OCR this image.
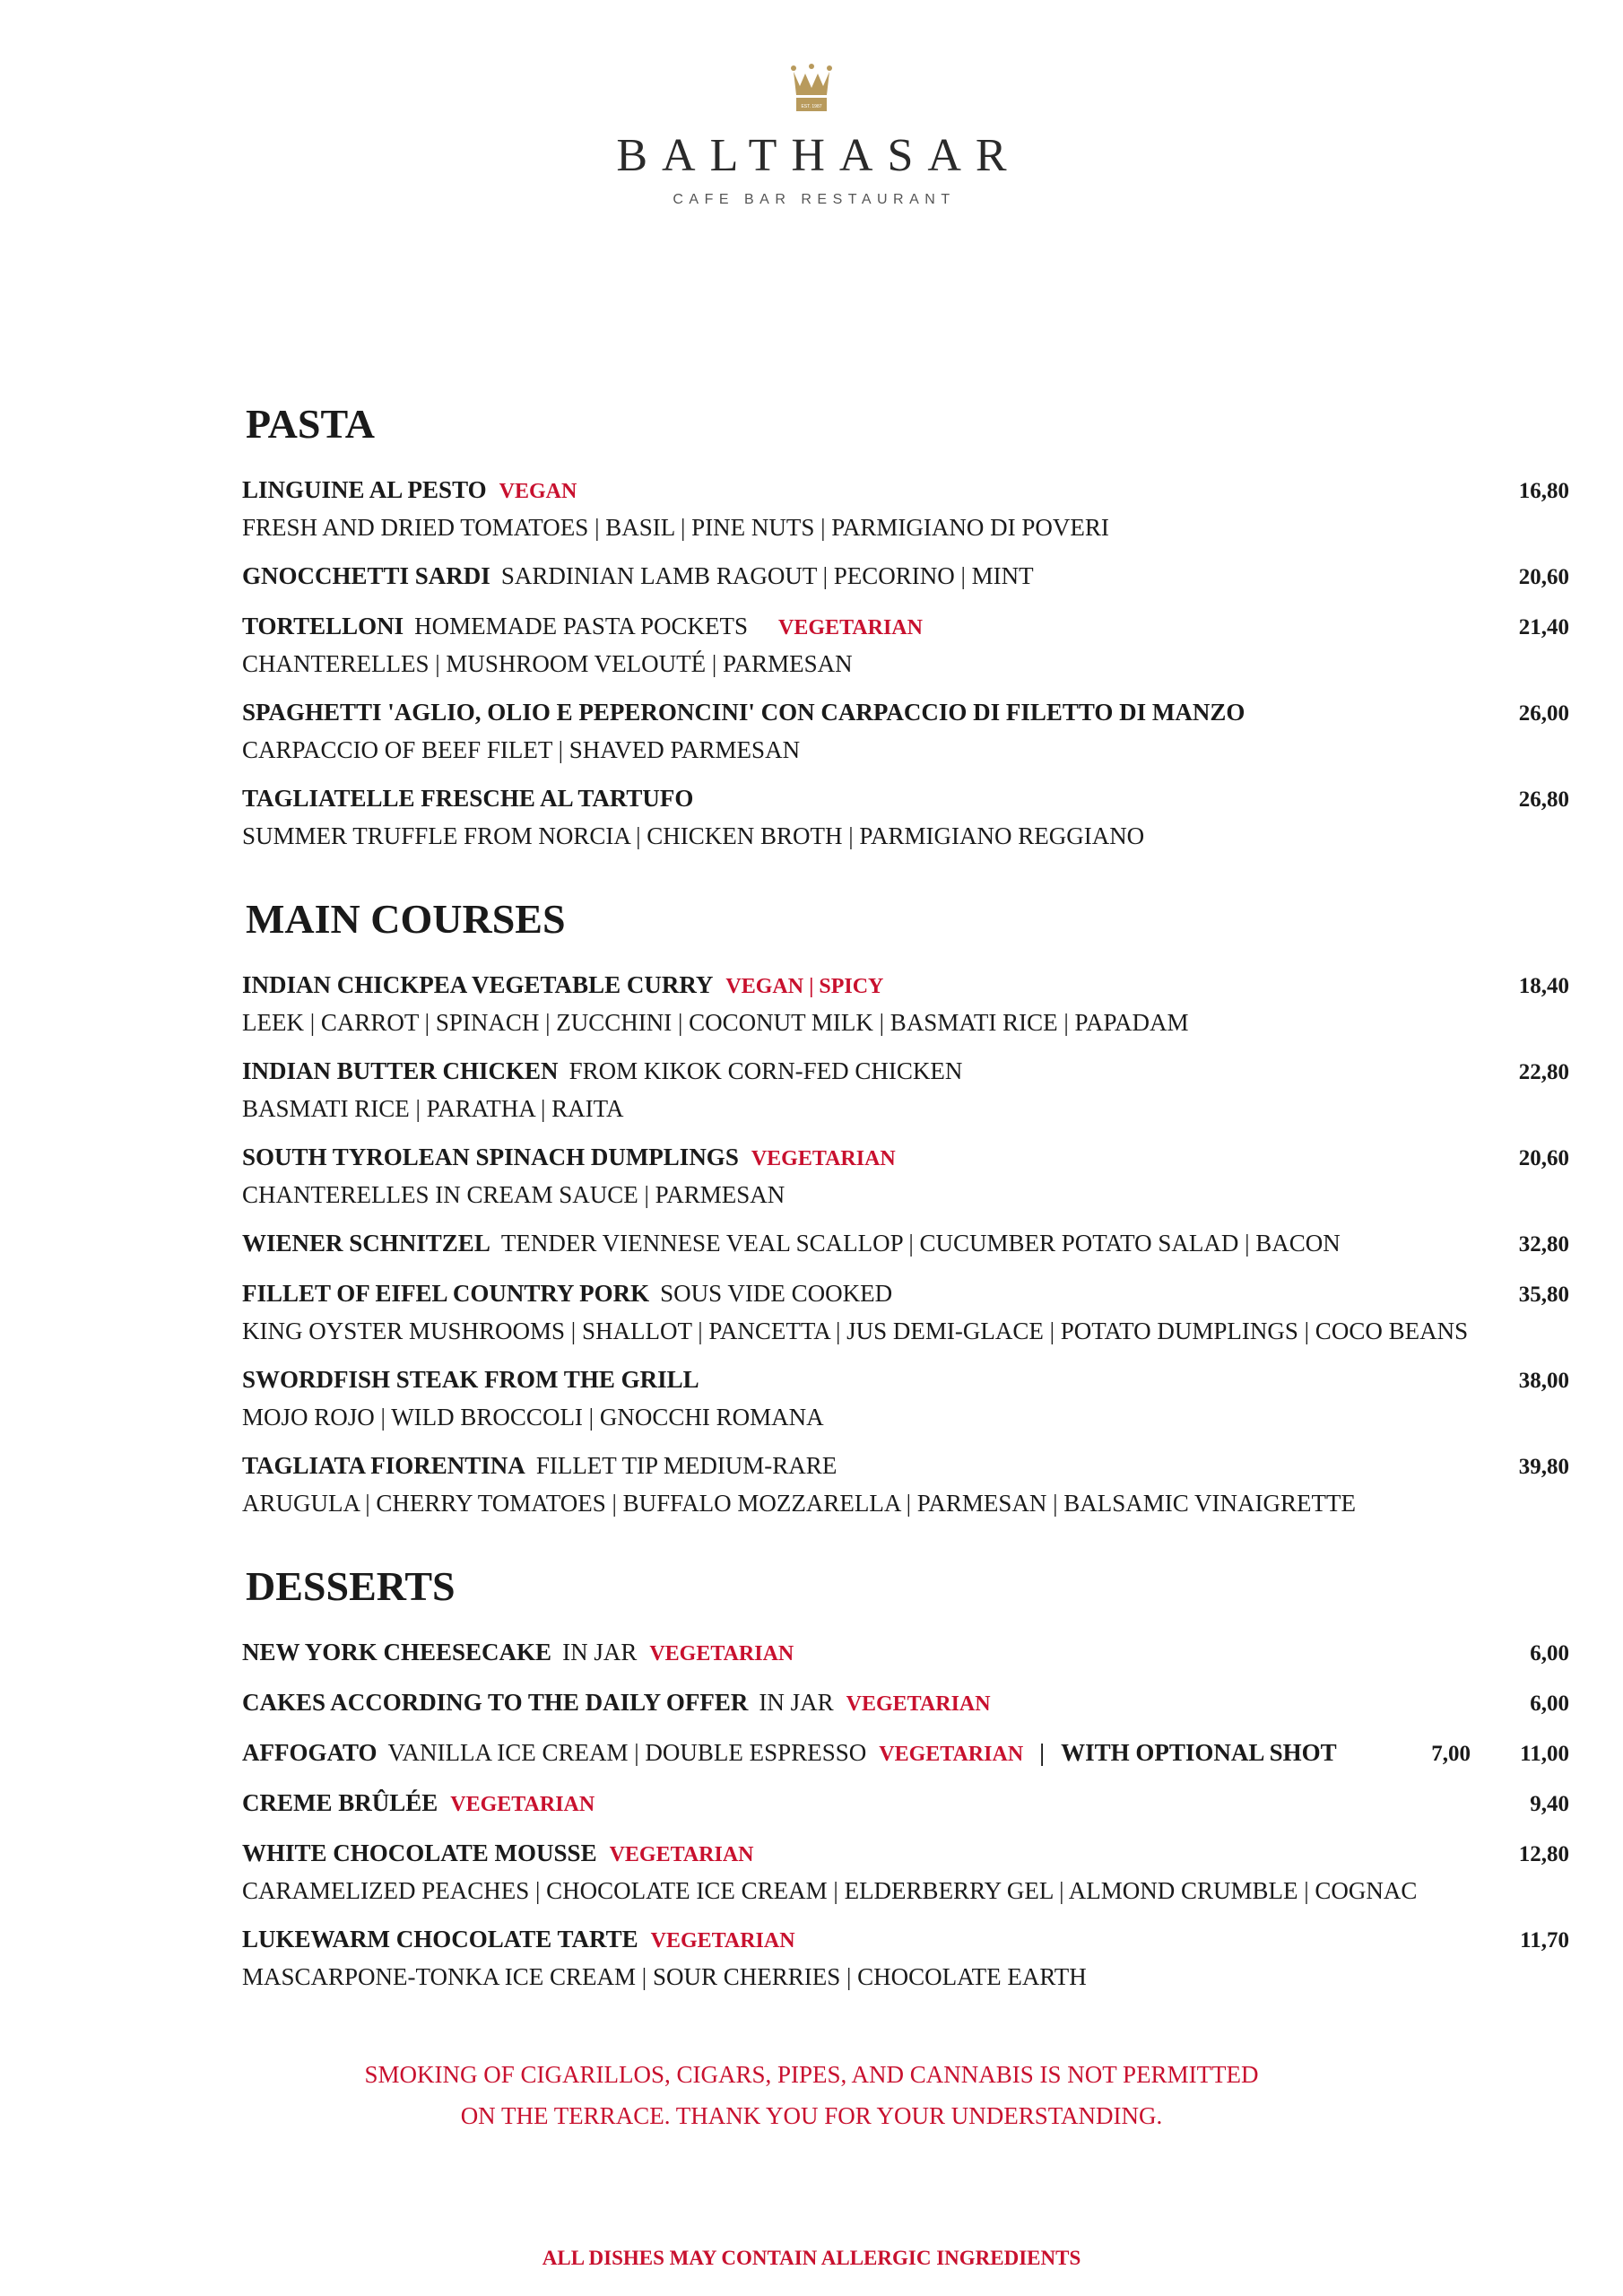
EST. 1987
BALTHASAR
CAFE BAR RESTAURANT
PASTA
LINGUINE AL PESTO VEGAN	16,80
FRESH AND DRIED TOMATOES | BASIL | PINE NUTS | PARMIGIANO DI POVERI
GNOCCHETTI SARDI SARDINIAN LAMB RAGOUT | PECORINO | MINT	20,60
TORTELLONI HOMEMADE PASTA POCKETS VEGETARIAN	21,40
CHANTERELLES | MUSHROOM VELOUTÉ | PARMESAN
SPAGHETTI 'AGLIO, OLIO E PEPERONCINI' CON CARPACCIO DI FILETTO DI MANZO	26,00
CARPACCIO OF BEEF FILET | SHAVED PARMESAN
TAGLIATELLE FRESCHE AL TARTUFO	26,80
SUMMER TRUFFLE FROM NORCIA | CHICKEN BROTH | PARMIGIANO REGGIANO
MAIN COURSES
INDIAN CHICKPEA VEGETABLE CURRY VEGAN | SPICY	18,40
LEEK | CARROT | SPINACH | ZUCCHINI | COCONUT MILK | BASMATI RICE | PAPADAM
INDIAN BUTTER CHICKEN FROM KIKOK CORN-FED CHICKEN	22,80
BASMATI RICE | PARATHA | RAITA
SOUTH TYROLEAN SPINACH DUMPLINGS VEGETARIAN	20,60
CHANTERELLES IN CREAM SAUCE | PARMESAN
WIENER SCHNITZEL TENDER VIENNESE VEAL SCALLOP | CUCUMBER POTATO SALAD | BACON	32,80
FILLET OF EIFEL COUNTRY PORK SOUS VIDE COOKED	35,80
KING OYSTER MUSHROOMS | SHALLOT | PANCETTA | JUS DEMI-GLACE | POTATO DUMPLINGS | COCO BEANS
SWORDFISH STEAK FROM THE GRILL	38,00
MOJO ROJO | WILD BROCCOLI | GNOCCHI ROMANA
TAGLIATA FIORENTINA FILLET TIP MEDIUM-RARE	39,80
ARUGULA | CHERRY TOMATOES | BUFFALO MOZZARELLA | PARMESAN | BALSAMIC VINAIGRETTE
DESSERTS
NEW YORK CHEESECAKE IN JAR VEGETARIAN	6,00
CAKES ACCORDING TO THE DAILY OFFER IN JAR VEGETARIAN	6,00
AFFOGATO VANILLA ICE CREAM | DOUBLE ESPRESSO VEGETARIAN | WITH OPTIONAL SHOT	7,00	11,00
CREME BRÛLÉE VEGETARIAN	9,40
WHITE CHOCOLATE MOUSSE VEGETARIAN	12,80
CARAMELIZED PEACHES | CHOCOLATE ICE CREAM | ELDERBERRY GEL | ALMOND CRUMBLE | COGNAC
LUKEWARM CHOCOLATE TARTE VEGETARIAN	11,70
MASCARPONE-TONKA ICE CREAM | SOUR CHERRIES | CHOCOLATE EARTH
SMOKING OF CIGARILLOS, CIGARS, PIPES, AND CANNABIS IS NOT PERMITTED
ON THE TERRACE. THANK YOU FOR YOUR UNDERSTANDING.
ALL DISHES MAY CONTAIN ALLERGIC INGREDIENTS
